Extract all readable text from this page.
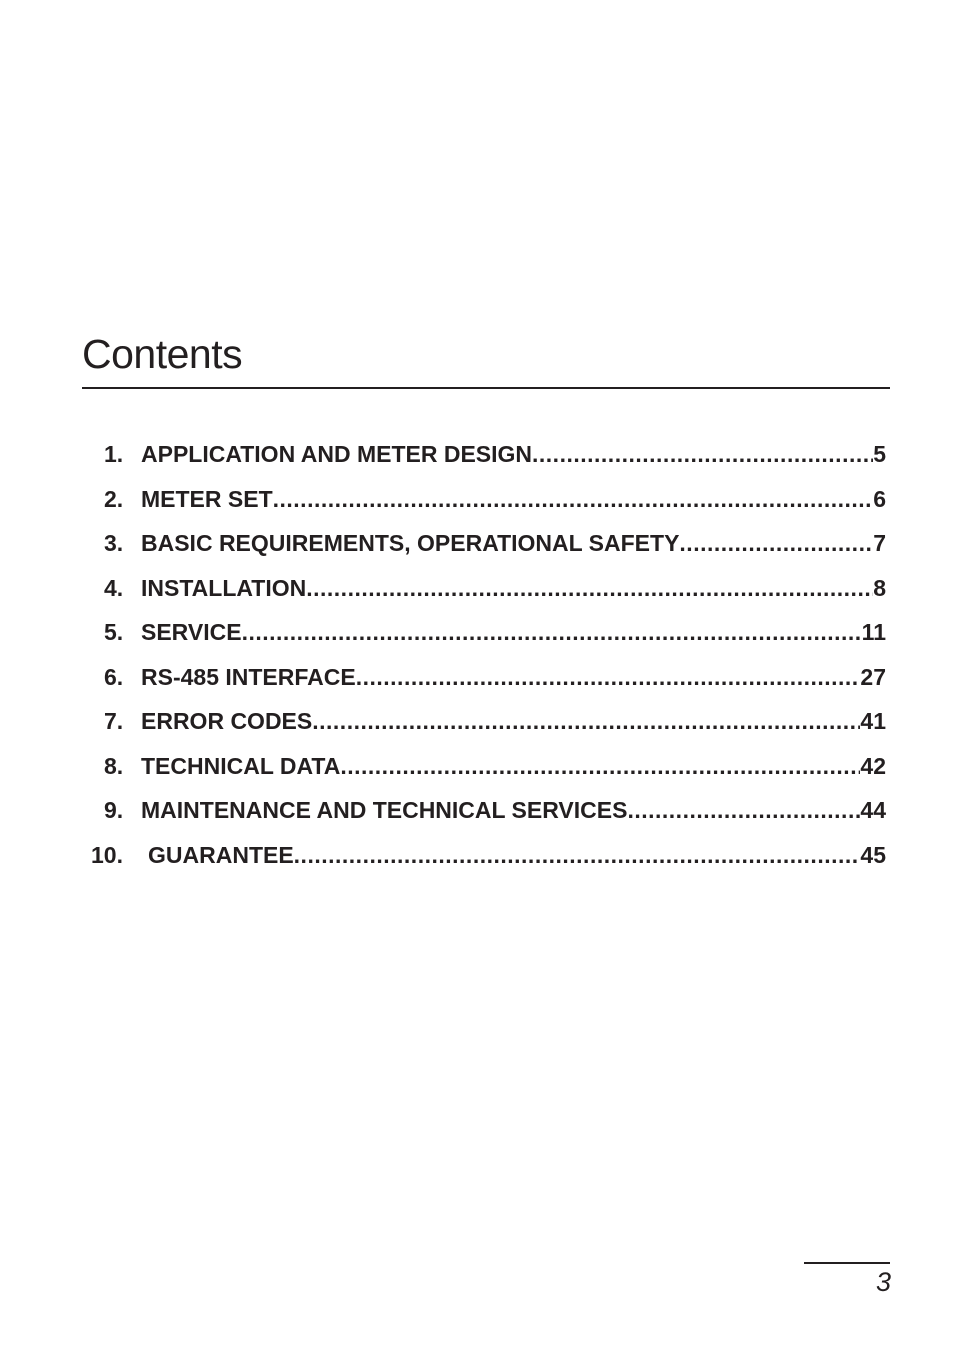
Contents
1. APPLICATION AND METER DESIGN .....	5
2. METER SET .....	6
3. BASIC REQUIREMENTS, OPERATIONAL SAFETY .....	7
4. INSTALLATION .....	8
5. SERVICE .....	11
6. RS-485 INTERFACE .....	27
7. ERROR CODES .....	41
8. TECHNICAL DATA .....	42
9. MAINTENANCE AND TECHNICAL SERVICES .....	44
10. GUARANTEE .....	45
3
